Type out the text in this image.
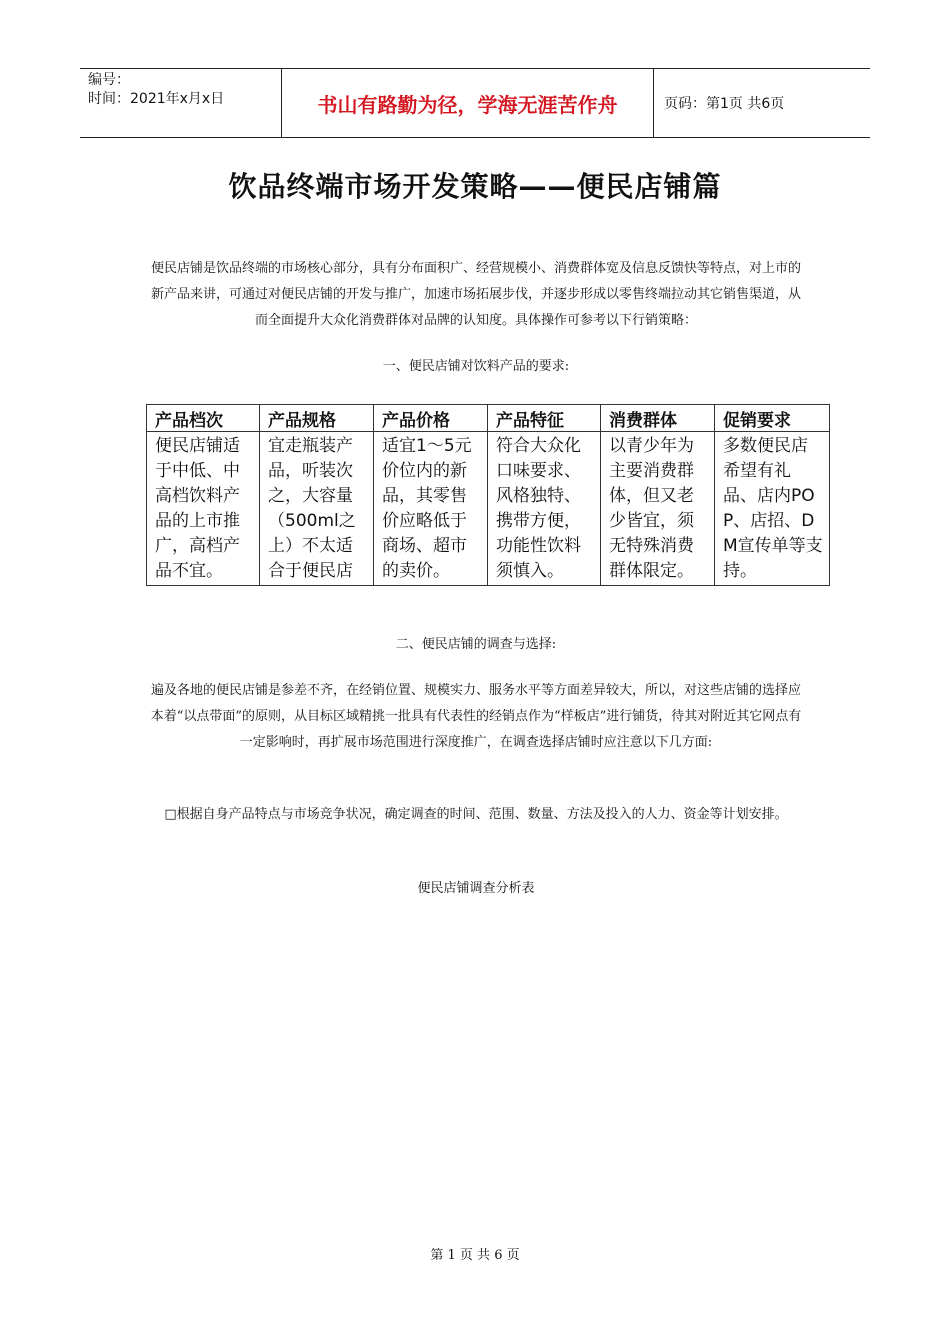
编号：
时间：2021年x月x日	书山有路勤为径，学海无涯苦作舟	页码：第1页 共6页
饮品终端市场开发策略——便民店铺篇
便民店铺是饮品终端的市场核心部分，具有分布面积广、经营规模小、消费群体宽及信息反馈快等特点，对上市的新产品来讲，可通过对便民店铺的开发与推广，加速市场拓展步伐，并逐步形成以零售终端拉动其它销售渠道，从而全面提升大众化消费群体对品牌的认知度。具体操作可参考以下行销策略：
一、便民店铺对饮料产品的要求:
产品档次	产品规格	产品价格	产品特征	消费群体	促销要求
便民店铺适于中低、中高档饮料产品的上市推广，高档产品不宜。	宜走瓶装产品，听装次之，大容量（500ml之上）不太适合于便民店	适宜1～5元价位内的新品，其零售价应略低于商场、超市的卖价。	符合大众化口味要求、风格独特、携带方便，功能性饮料须慎入。	以青少年为主要消费群体，但又老少皆宜，须无特殊消费群体限定。	多数便民店希望有礼品、店内POP、店招、DM宣传单等支持。
二、便民店铺的调查与选择:
遍及各地的便民店铺是参差不齐，在经销位置、规模实力、服务水平等方面差异较大，所以，对这些店铺的选择应本着“以点带面”的原则，从目标区域精挑一批具有代表性的经销点作为“样板店”进行铺货，待其对附近其它网点有一定影响时，再扩展市场范围进行深度推广，在调查选择店铺时应注意以下几方面:
□根据自身产品特点与市场竞争状况，确定调查的时间、范围、数量、方法及投入的人力、资金等计划安排。
便民店铺调查分析表
第 1 页 共 6 页
